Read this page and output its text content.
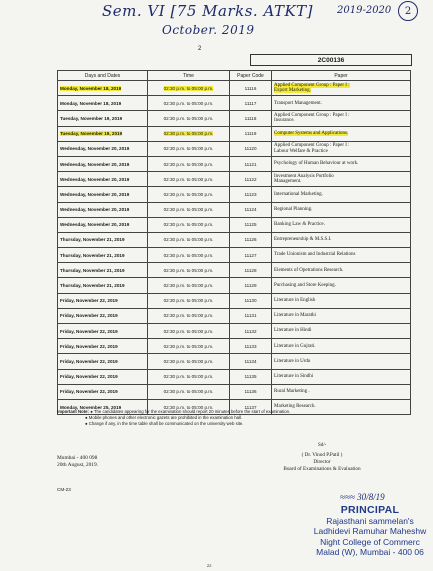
Sem. VI [75 Marks. ATKT] 2019-2020	2
October. 2019
2
2C00136
Days and Dates	Time	Paper Code	Paper
Monday, November 18, 2019	02:30 p.m. to 05:00 p.m.	11116	Applied Component Group : Paper I :
Export Marketing.
Monday, November 18, 2019	02:30 p.m. to 05:00 p.m.	11117	Transport Management.
Tuesday, November 19, 2019	02:30 p.m. to 05:00 p.m.	11118	Applied Component Group : Paper I :
Insurance.
Tuesday, November 19, 2019	02:30 p.m. to 05:00 p.m.	11119	Computer Systems and Applications.
Wednesday, November 20, 2019	02:30 p.m. to 05:00 p.m.	11120	Applied Component Group : Paper I :
Labour Welfare & Practice
Wednesday, November 20, 2019	02:30 p.m. to 05:00 p.m.	11121	Psychology of Human Behaviour at work.
Wednesday, November 20, 2019	02:30 p.m. to 05:00 p.m.	11122	Investment Analysis Portfolio
Management.
Wednesday, November 20, 2019	02:30 p.m. to 05:00 p.m.	11123	International Marketing.
Wednesday, November 20, 2019	02:30 p.m. to 05:00 p.m.	11124	Regional Planning.
Wednesday, November 20, 2019	02:30 p.m. to 05:00 p.m.	11125	Banking Law & Practice.
Thursday, November 21, 2019	02:30 p.m. to 05:00 p.m.	11126	Entrepreneurship & M.S.S.I.
Thursday, November 21, 2019	02:30 p.m. to 05:00 p.m.	11127	Trade Unionism and Industrial Relations
Thursday, November 21, 2019	02:30 p.m. to 05:00 p.m.	11128	Elements of Opetrations Research.
Thursday, November 21, 2019	02:30 p.m. to 05:00 p.m.	11129	Purchasing and Store Keeping.
Friday, November 22, 2019	02:30 p.m. to 05:00 p.m.	11130	Literature in English
Friday, November 22, 2019	02:30 p.m. to 05:00 p.m.	11131	Literature in Marathi
Friday, November 22, 2019	02:30 p.m. to 05:00 p.m.	11132	Literature in Hindi
Friday, November 22, 2019	02:30 p.m. to 05:00 p.m.	11133	Literature in Gujrati.
Friday, November 22, 2019	02:30 p.m. to 05:00 p.m.	11134	Literature in Urdu
Friday, November 22, 2019	02:30 p.m. to 05:00 p.m.	11135	Literature in Sindhi
Friday, November 22, 2019	02:30 p.m. to 05:00 p.m.	11136	Rural Marketing .
Monday, November 25, 2019	02:30 p.m. to 05:00 p.m.	11137	Marketing Research.
Important Note: ● The candidates appearing for the examination should report 20 minutes before the start of examination.
● Mobile phones and other electronic gazets are prohibited in the examination hall.
● Change if any, in the time table shall be communicated on the university web site.
Sd/-
( Dr. Vinod P.Patil )
Director
Board of Examinations & Evaluation
Mumbai - 400 098
20th August, 2019.
CM-23
≈≈≈ 30/8/19
PRINCIPAL
Rajasthani sammelan's
Ladhidevi Ramuhar Maheshw
Night College of Commerc
Malad (W), Mumbai - 400 06
22
